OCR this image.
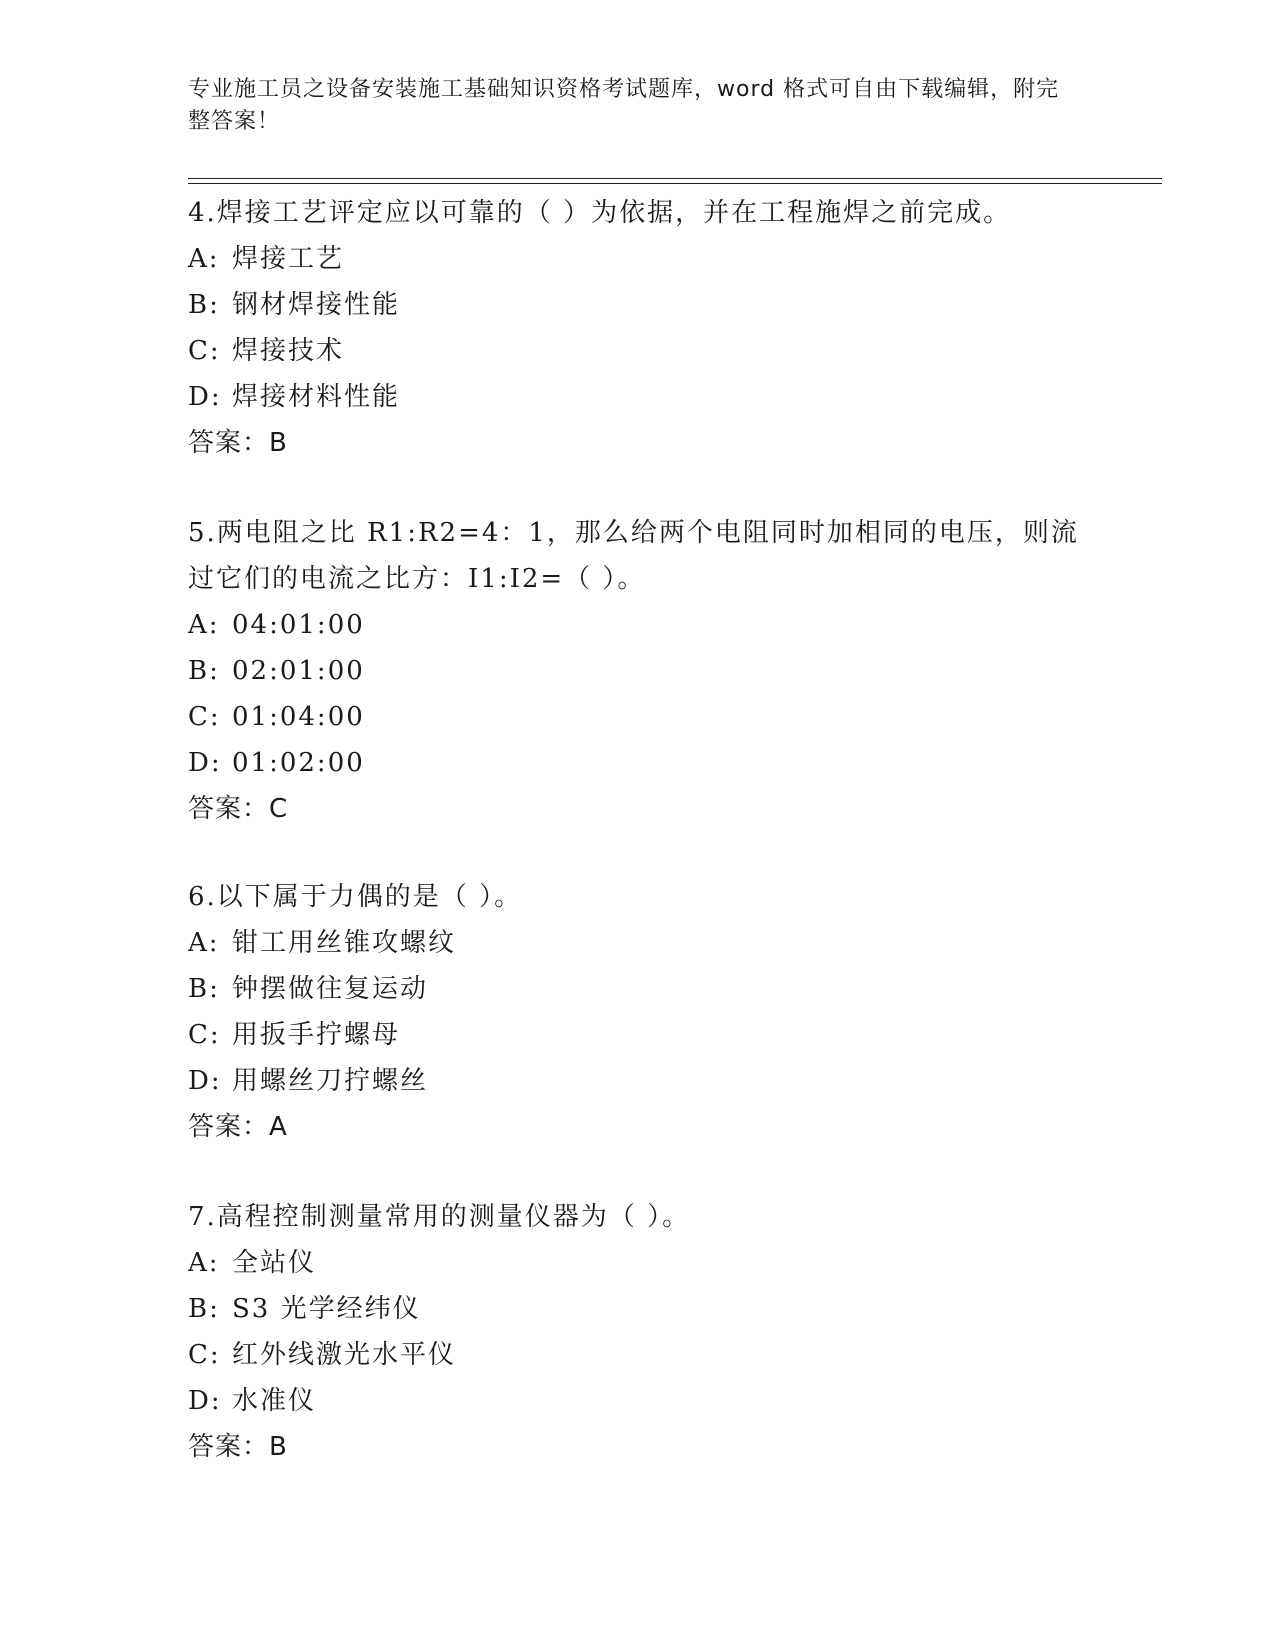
专业施工员之设备安装施工基础知识资格考试题库，word 格式可自由下载编辑，附完整答案！
4.焊接工艺评定应以可靠的（ ）为依据，并在工程施焊之前完成。
A: 焊接工艺
B: 钢材焊接性能
C: 焊接技术
D: 焊接材料性能
答案：B
5.两电阻之比 R1:R2=4：1，那么给两个电阻同时加相同的电压，则流过它们的电流之比方：I1:I2=（ ）。
A: 04:01:00
B: 02:01:00
C: 01:04:00
D: 01:02:00
答案：C
6.以下属于力偶的是（ ）。
A: 钳工用丝锥攻螺纹
B: 钟摆做往复运动
C: 用扳手拧螺母
D: 用螺丝刀拧螺丝
答案：A
7.高程控制测量常用的测量仪器为（ ）。
A: 全站仪
B: S3 光学经纬仪
C: 红外线激光水平仪
D: 水准仪
答案：B
